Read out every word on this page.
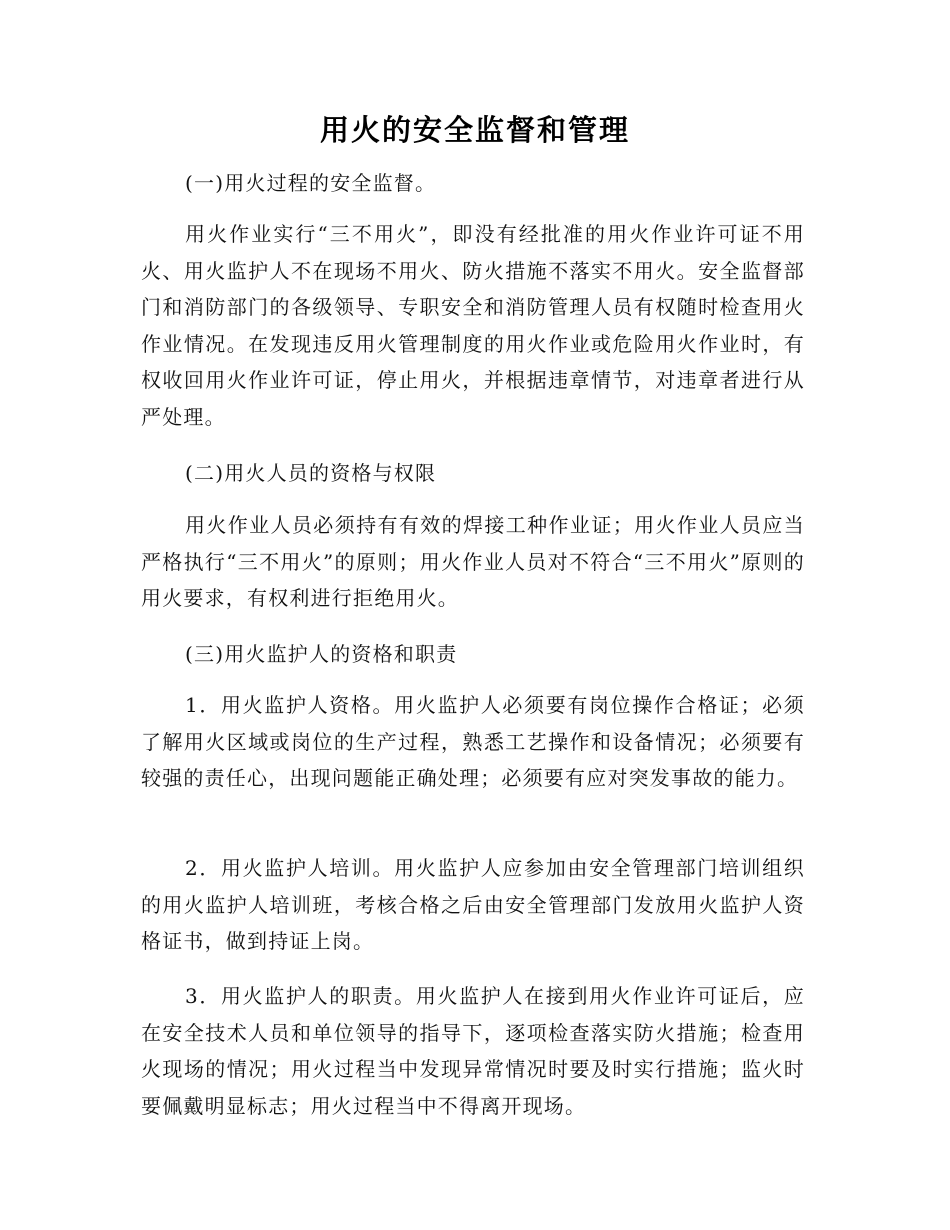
用火的安全监督和管理

(一)用火过程的安全监督。

用火作业实行“三不用火”，即没有经批准的用火作业许可证不用火、用火监护人不在现场不用火、防火措施不落实不用火。安全监督部门和消防部门的各级领导、专职安全和消防管理人员有权随时检查用火作业情况。在发现违反用火管理制度的用火作业或危险用火作业时，有权收回用火作业许可证，停止用火，并根据违章情节，对违章者进行从严处理。

(二)用火人员的资格与权限

用火作业人员必须持有有效的焊接工种作业证；用火作业人员应当严格执行“三不用火”的原则；用火作业人员对不符合“三不用火”原则的用火要求，有权利进行拒绝用火。

(三)用火监护人的资格和职责

1．用火监护人资格。用火监护人必须要有岗位操作合格证；必须了解用火区域或岗位的生产过程，熟悉工艺操作和设备情况；必须要有较强的责任心，出现问题能正确处理；必须要有应对突发事故的能力。

2．用火监护人培训。用火监护人应参加由安全管理部门培训组织的用火监护人培训班，考核合格之后由安全管理部门发放用火监护人资格证书，做到持证上岗。

3．用火监护人的职责。用火监护人在接到用火作业许可证后，应在安全技术人员和单位领导的指导下，逐项检查落实防火措施；检查用火现场的情况；用火过程当中发现异常情况时要及时实行措施；监火时要佩戴明显标志；用火过程当中不得离开现场。
